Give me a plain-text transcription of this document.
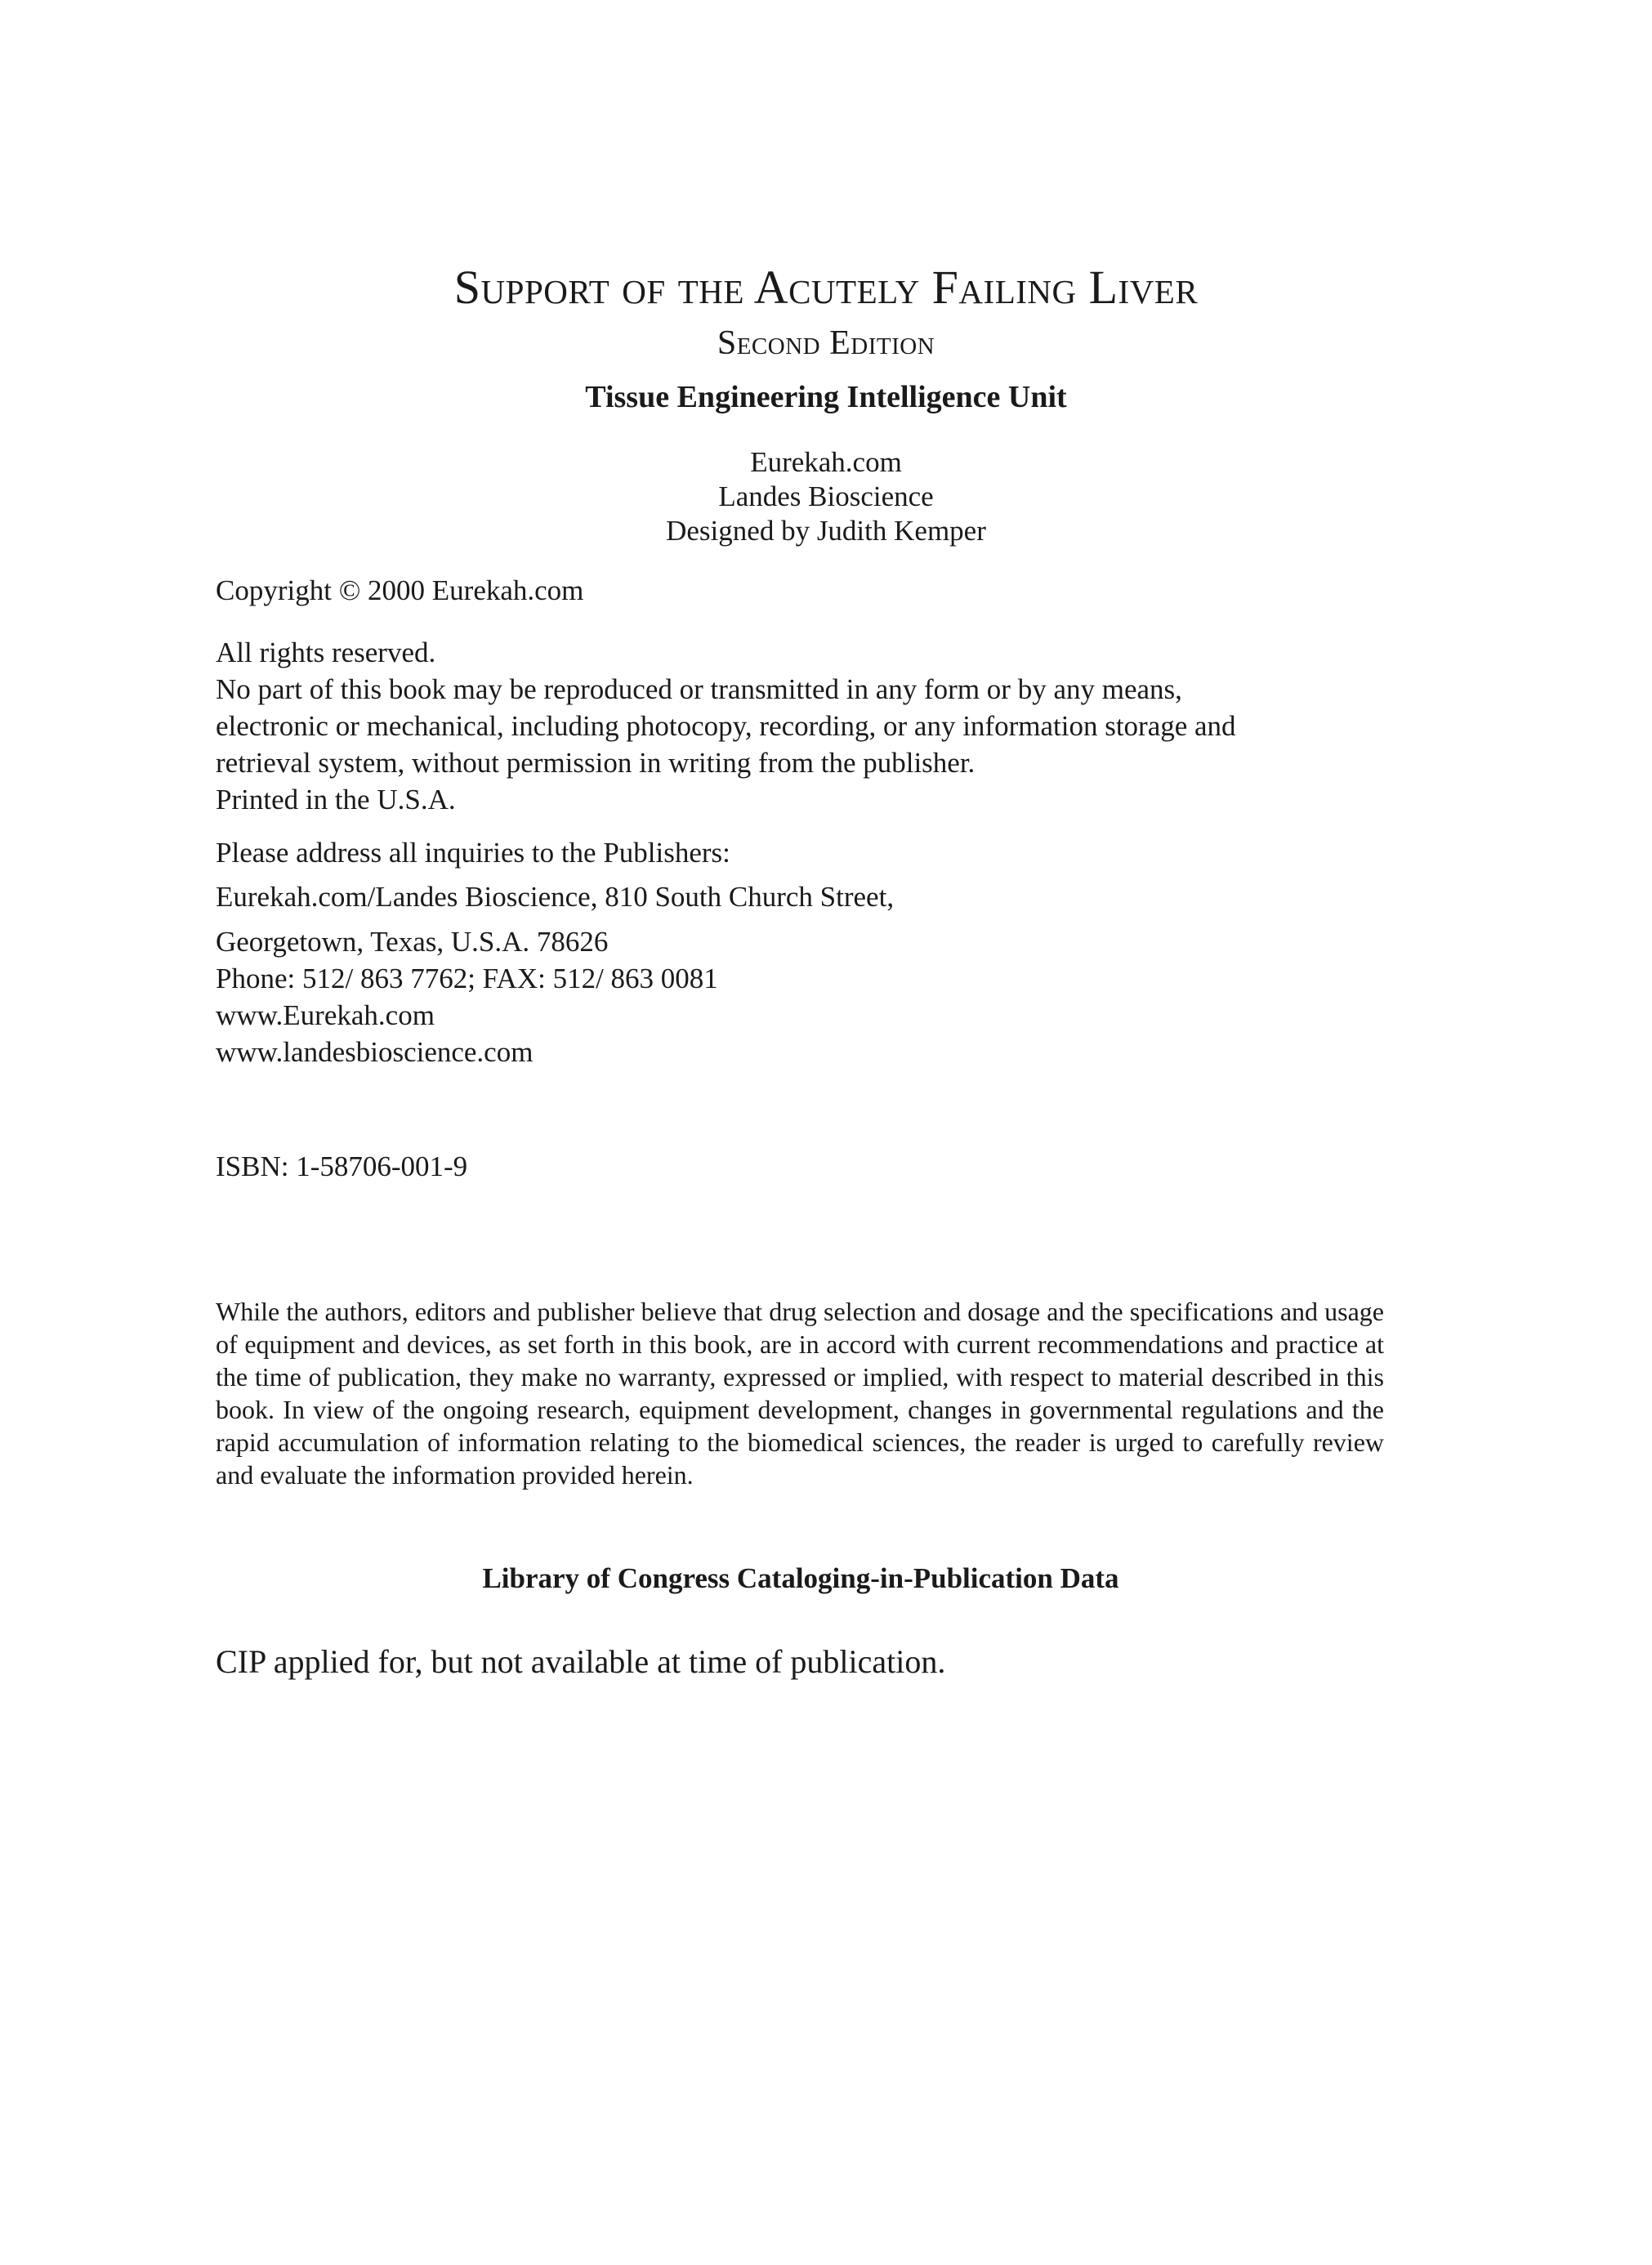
Support of the Acutely Failing Liver
Second Edition
Tissue Engineering Intelligence Unit
Eurekah.com
Landes Bioscience
Designed by Judith Kemper
Copyright © 2000 Eurekah.com
All rights reserved.
No part of this book may be reproduced or transmitted in any form or by any means,
electronic or mechanical, including photocopy, recording, or any information storage and
retrieval system, without permission in writing from the publisher.
Printed in the U.S.A.
Please address all inquiries to the Publishers:
Eurekah.com/Landes Bioscience, 810 South Church Street,
Georgetown, Texas, U.S.A. 78626
Phone: 512/ 863 7762; FAX: 512/ 863 0081
www.Eurekah.com
www.landesbioscience.com
ISBN: 1-58706-001-9

While the authors, editors and publisher believe that drug selection and dosage and the specifications and usage of equipment and devices, as set forth in this book, are in accord with current recommendations and practice at the time of publication, they make no warranty, expressed or implied, with respect to material described in this book. In view of the ongoing research, equipment development, changes in governmental regulations and the rapid accumulation of information relating to the biomedical sciences, the reader is urged to carefully review and evaluate the information provided herein.

Library of Congress Cataloging-in-Publication Data
CIP applied for, but not available at time of publication.
